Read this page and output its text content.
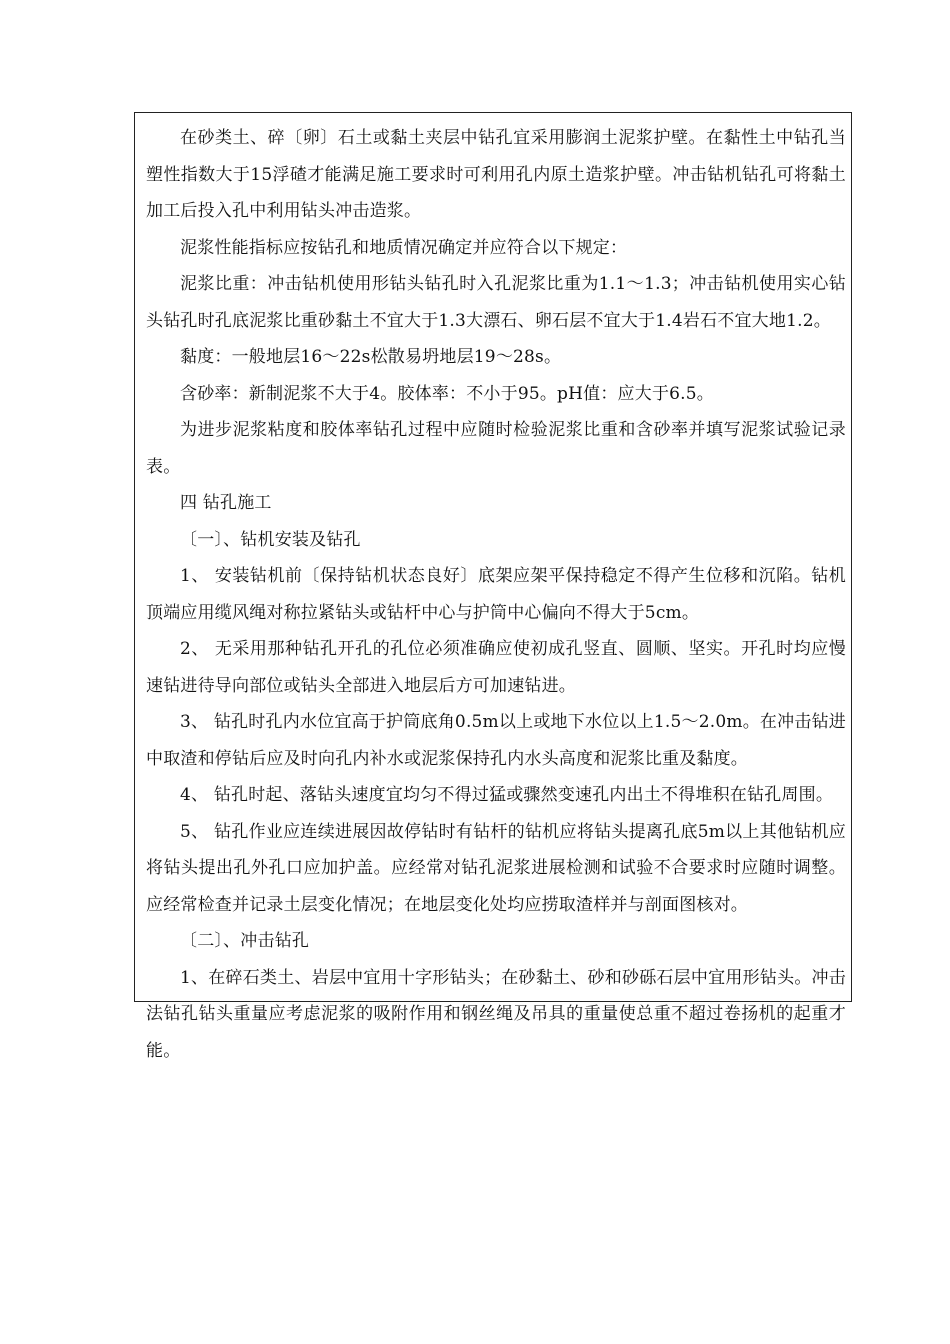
在砂类土、碎〔卵〕石土或黏土夹层中钻孔宜采用膨润土泥浆护壁。在黏性土中钻孔当塑性指数大于15浮碴才能满足施工要求时可利用孔内原土造浆护壁。冲击钻机钻孔可将黏土加工后投入孔中利用钻头冲击造浆。

泥浆性能指标应按钻孔和地质情况确定并应符合以下规定：

泥浆比重：冲击钻机使用形钻头钻孔时入孔泥浆比重为1.1～1.3；冲击钻机使用实心钻头钻孔时孔底泥浆比重砂黏土不宜大于1.3大漂石、卵石层不宜大于1.4岩石不宜大地1.2。

黏度：一般地层16～22s松散易坍地层19～28s。

含砂率：新制泥浆不大于4。胶体率：不小于95。pH值：应大于6.5。

为进步泥浆粘度和胶体率钻孔过程中应随时检验泥浆比重和含砂率并填写泥浆试验记录表。

四 钻孔施工

〔一〕、钻机安装及钻孔

1、 安装钻机前〔保持钻机状态良好〕底架应架平保持稳定不得产生位移和沉陷。钻机顶端应用缆风绳对称拉紧钻头或钻杆中心与护筒中心偏向不得大于5cm。

2、 无采用那种钻孔开孔的孔位必须准确应使初成孔竖直、圆顺、坚实。开孔时均应慢速钻进待导向部位或钻头全部进入地层后方可加速钻进。

3、 钻孔时孔内水位宜高于护筒底角0.5m以上或地下水位以上1.5～2.0m。在冲击钻进中取渣和停钻后应及时向孔内补水或泥浆保持孔内水头高度和泥浆比重及黏度。

4、 钻孔时起、落钻头速度宜均匀不得过猛或骤然变速孔内出土不得堆积在钻孔周围。

5、 钻孔作业应连续进展因故停钻时有钻杆的钻机应将钻头提离孔底5m以上其他钻机应将钻头提出孔外孔口应加护盖。应经常对钻孔泥浆进展检测和试验不合要求时应随时调整。应经常检查并记录土层变化情况；在地层变化处均应捞取渣样并与剖面图核对。

〔二〕、冲击钻孔

1、在碎石类土、岩层中宜用十字形钻头；在砂黏土、砂和砂砾石层中宜用形钻头。冲击法钻孔钻头重量应考虑泥浆的吸附作用和钢丝绳及吊具的重量使总重不超过卷扬机的起重才能。
